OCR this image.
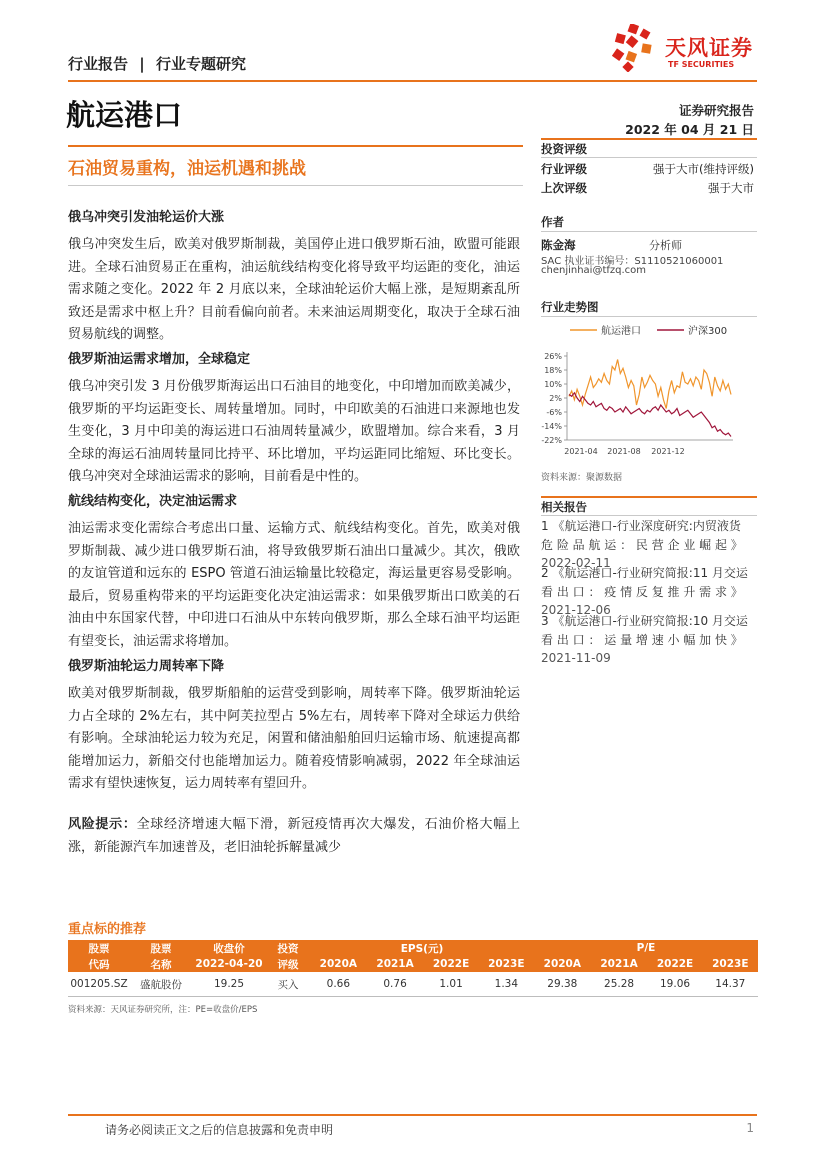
行业报告 | 行业专题研究
天风证券
TF SECURITIES
航运港口	证券研究报告
2022 年 04 月 21 日
石油贸易重构，油运机遇和挑战
俄乌冲突引发油轮运价大涨
俄乌冲突发生后，欧美对俄罗斯制裁，美国停止进口俄罗斯石油，欧盟可能跟进。全球石油贸易正在重构，油运航线结构变化将导致平均运距的变化，油运需求随之变化。2022 年 2 月底以来，全球油轮运价大幅上涨，是短期紊乱所致还是需求中枢上升？目前看偏向前者。未来油运周期变化，取决于全球石油贸易航线的调整。
俄罗斯油运需求增加，全球稳定
俄乌冲突引发 3 月份俄罗斯海运出口石油目的地变化，中印增加而欧美减少，俄罗斯的平均运距变长、周转量增加。同时，中印欧美的石油进口来源地也发生变化，3 月中印美的海运进口石油周转量减少，欧盟增加。综合来看，3 月全球的海运石油周转量同比持平、环比增加，平均运距同比缩短、环比变长。俄乌冲突对全球油运需求的影响，目前看是中性的。
航线结构变化，决定油运需求
油运需求变化需综合考虑出口量、运输方式、航线结构变化。首先，欧美对俄罗斯制裁、减少进口俄罗斯石油，将导致俄罗斯石油出口量减少。其次，俄欧的友谊管道和远东的 ESPO 管道石油运输量比较稳定，海运量更容易受影响。最后，贸易重构带来的平均运距变化决定油运需求：如果俄罗斯出口欧美的石油由中东国家代替，中印进口石油从中东转向俄罗斯，那么全球石油平均运距有望变长，油运需求将增加。
俄罗斯油轮运力周转率下降
欧美对俄罗斯制裁，俄罗斯船舶的运营受到影响，周转率下降。俄罗斯油轮运力占全球的 2%左右，其中阿芙拉型占 5%左右，周转率下降对全球运力供给有影响。全球油轮运力较为充足，闲置和储油船舶回归运输市场、航速提高都能增加运力，新船交付也能增加运力。随着疫情影响减弱，2022 年全球油运需求有望快速恢复，运力周转率有望回升。
风险提示：全球经济增速大幅下滑，新冠疫情再次大爆发，石油价格大幅上涨，新能源汽车加速普及，老旧油轮拆解量减少
投资评级
行业评级	强于大市(维持评级)
上次评级	强于大市
作者
陈金海	分析师
SAC 执业证书编号：S1110521060001
chenjinhai@tfzq.com
行业走势图
航运港口	沪深300
26%
18%
10%
2%
-6%
-14%
-22%
2021-04 2021-08 2021-12
资料来源：聚源数据
相关报告
1 《航运港口-行业深度研究:内贸液货
危 险 品 航 运 ： 民 营 企 业 崛 起 》
2022-02-11
2 《航运港口-行业研究简报:11 月交运
看 出 口 ： 疫 情 反 复 推 升 需 求 》
2021-12-06
3 《航运港口-行业研究简报:10 月交运
看 出 口 ： 运 量 增 速 小 幅 加 快 》
2021-11-09
重点标的推荐
股票	股票	收盘价	投资	EPS(元)				P/E			
代码	名称	2022-04-20	评级	2020A	2021A	2022E	2023E	2020A	2021A	2022E	2023E
001205.SZ	盛航股份	19.25	买入	0.66	0.76	1.01	1.34	29.38	25.28	19.06	14.37
资料来源：天风证券研究所，注：PE=收盘价/EPS
请务必阅读正文之后的信息披露和免责申明	1
